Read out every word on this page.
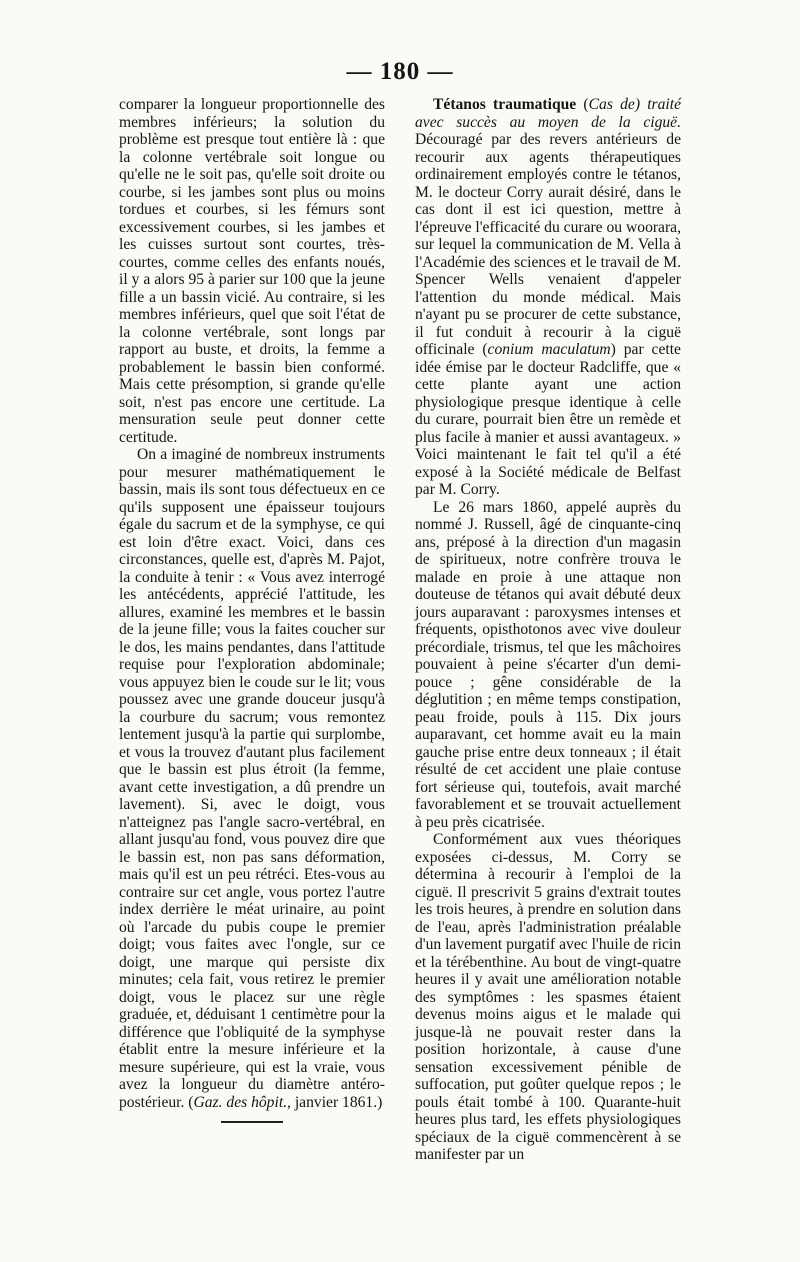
— 180 —

comparer la longueur proportionnelle des membres inférieurs; la solution du problème est presque tout entière là : que la colonne vertébrale soit longue ou qu'elle ne le soit pas, qu'elle soit droite ou courbe, si les jambes sont plus ou moins tordues et courbes, si les fémurs sont excessivement courbes, si les jambes et les cuisses surtout sont courtes, très-courtes, comme celles des enfants noués, il y a alors 95 à parier sur 100 que la jeune fille a un bassin vicié. Au contraire, si les membres inférieurs, quel que soit l'état de la colonne vertébrale, sont longs par rapport au buste, et droits, la femme a probablement le bassin bien conformé. Mais cette présomption, si grande qu'elle soit, n'est pas encore une certitude. La mensuration seule peut donner cette certitude.

On a imaginé de nombreux instruments pour mesurer mathématiquement le bassin, mais ils sont tous défectueux en ce qu'ils supposent une épaisseur toujours égale du sacrum et de la symphyse, ce qui est loin d'être exact. Voici, dans ces circonstances, quelle est, d'après M. Pajot, la conduite à tenir : « Vous avez interrogé les antécédents, apprécié l'attitude, les allures, examiné les membres et le bassin de la jeune fille; vous la faites coucher sur le dos, les mains pendantes, dans l'attitude requise pour l'exploration abdominale; vous appuyez bien le coude sur le lit; vous poussez avec une grande douceur jusqu'à la courbure du sacrum; vous remontez lentement jusqu'à la partie qui surplombe, et vous la trouvez d'autant plus facilement que le bassin est plus étroit (la femme, avant cette investigation, a dû prendre un lavement). Si, avec le doigt, vous n'atteignez pas l'angle sacro-vertébral, en allant jusqu'au fond, vous pouvez dire que le bassin est, non pas sans déformation, mais qu'il est un peu rétréci. Etes-vous au contraire sur cet angle, vous portez l'autre index derrière le méat urinaire, au point où l'arcade du pubis coupe le premier doigt; vous faites avec l'ongle, sur ce doigt, une marque qui persiste dix minutes; cela fait, vous retirez le premier doigt, vous le placez sur une règle graduée, et, déduisant 1 centimètre pour la différence que l'obliquité de la symphyse établit entre la mesure inférieure et la mesure supérieure, qui est la vraie, vous avez la longueur du diamètre antéro-postérieur. (Gaz. des hôpit., janvier 1861.)

Tétanos traumatique (Cas de) traité avec succès au moyen de la ciguë. Découragé par des revers antérieurs de recourir aux agents thérapeutiques ordinairement employés contre le tétanos, M. le docteur Corry aurait désiré, dans le cas dont il est ici question, mettre à l'épreuve l'efficacité du curare ou woorara, sur lequel la communication de M. Vella à l'Académie des sciences et le travail de M. Spencer Wells venaient d'appeler l'attention du monde médical. Mais n'ayant pu se procurer de cette substance, il fut conduit à recourir à la ciguë officinale (conium maculatum) par cette idée émise par le docteur Radcliffe, que « cette plante ayant une action physiologique presque identique à celle du curare, pourrait bien être un remède et plus facile à manier et aussi avantageux. » Voici maintenant le fait tel qu'il a été exposé à la Société médicale de Belfast par M. Corry.

Le 26 mars 1860, appelé auprès du nommé J. Russell, âgé de cinquante-cinq ans, préposé à la direction d'un magasin de spiritueux, notre confrère trouva le malade en proie à une attaque non douteuse de tétanos qui avait débuté deux jours auparavant : paroxysmes intenses et fréquents, opisthotonos avec vive douleur précordiale, trismus, tel que les mâchoires pouvaient à peine s'écarter d'un demi-pouce ; gêne considérable de la déglutition ; en même temps constipation, peau froide, pouls à 115. Dix jours auparavant, cet homme avait eu la main gauche prise entre deux tonneaux ; il était résulté de cet accident une plaie contuse fort sérieuse qui, toutefois, avait marché favorablement et se trouvait actuellement à peu près cicatrisée.

Conformément aux vues théoriques exposées ci-dessus, M. Corry se détermina à recourir à l'emploi de la ciguë. Il prescrivit 5 grains d'extrait toutes les trois heures, à prendre en solution dans de l'eau, après l'administration préalable d'un lavement purgatif avec l'huile de ricin et la térébenthine. Au bout de vingt-quatre heures il y avait une amélioration notable des symptômes : les spasmes étaient devenus moins aigus et le malade qui jusque-là ne pouvait rester dans la position horizontale, à cause d'une sensation excessivement pénible de suffocation, put goûter quelque repos ; le pouls était tombé à 100. Quarante-huit heures plus tard, les effets physiologiques spéciaux de la ciguë commencèrent à se manifester par un
